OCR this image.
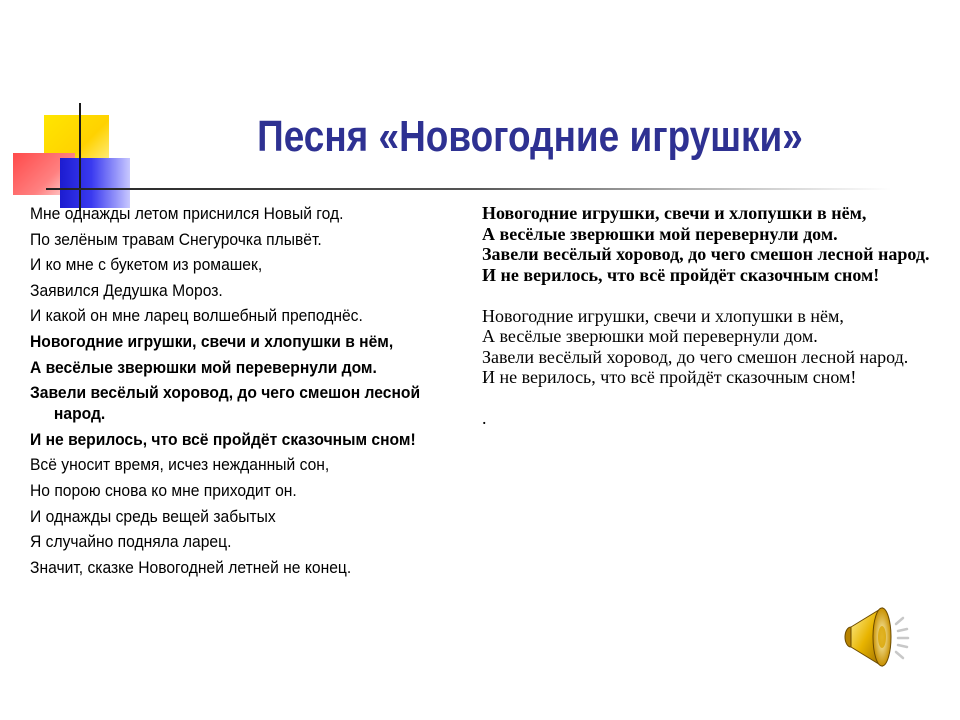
Песня «Новогодние игрушки»
Мне однажды летом приснился Новый год.
По зелёным травам Снегурочка плывёт.
И ко мне с букетом из ромашек,
Заявился Дедушка Мороз.
И какой он мне ларец волшебный преподнёс.
Новогодние игрушки, свечи и хлопушки в нём,
А весёлые зверюшки мой перевернули дом.
Завели весёлый хоровод, до чего смешон лесной народ.
И не верилось, что всё пройдёт сказочным сном!
Всё уносит время, исчез нежданный сон,
Но порою снова ко мне приходит он.
И однажды средь вещей забытых
Я случайно подняла ларец.
Значит, сказке Новогодней летней не конец.
Новогодние игрушки, свечи и хлопушки в нём,
А весёлые зверюшки мой перевернули дом.
Завели весёлый хоровод, до чего смешон лесной народ.
И не верилось, что всё пройдёт сказочным сном!
Новогодние игрушки, свечи и хлопушки в нём,
А весёлые зверюшки мой перевернули дом.
Завели весёлый хоровод, до чего смешон лесной народ.
И не верилось, что всё пройдёт сказочным сном!
.
